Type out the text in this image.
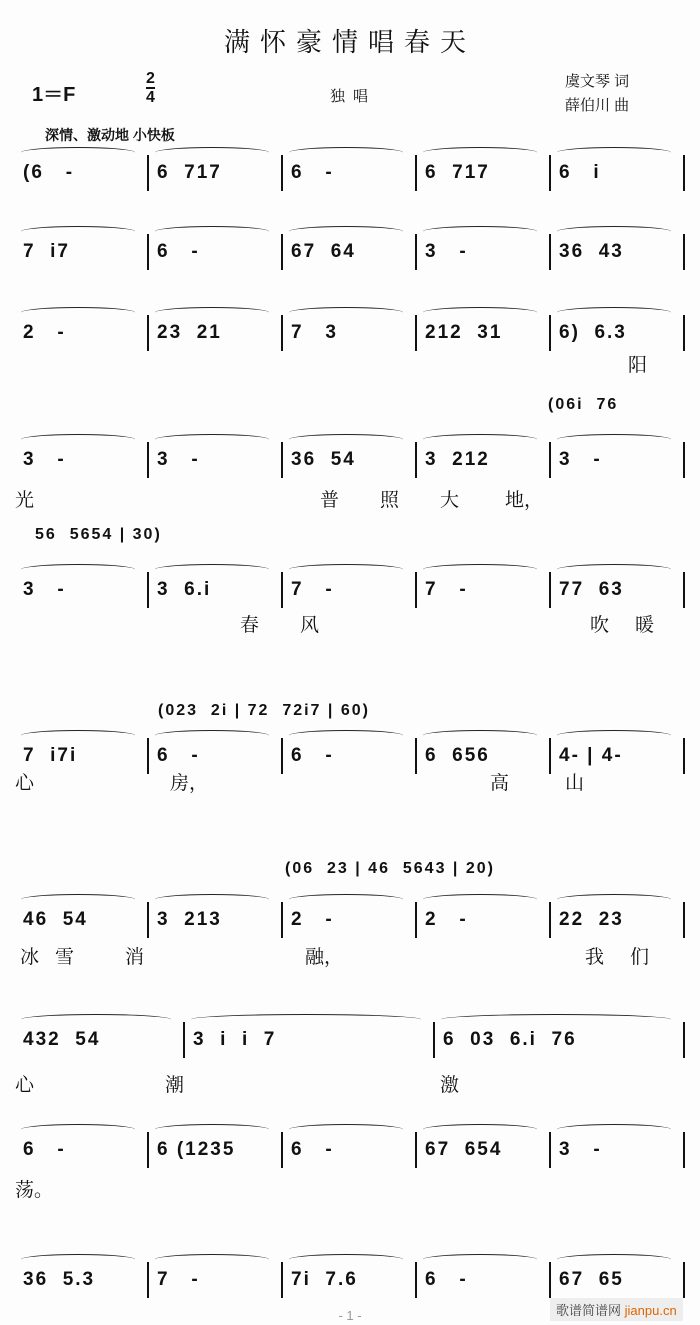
满怀豪情唱春天
1＝F
2
4	独唱
虞文琴 词
薛伯川 曲
深情、激动地 小快板
(6   -	6  717	6   -	6  717	6   i
7  i7	6   -	67  64	3   -	36  43
2   -	23  21	7   3	212  31	6)  6.3
阳
3   -	3   -	36  54	3  212	3   -
(06i  76
光	普 照 大 地，
3   -	3  6.i	7   -	7   -	77  63
56  5654 | 30)
春 风	吹 暖
7  i7i	6   -	6   -	6  656	4- | 4-
(023  2i | 72  72i7 | 60)
心	房，	高	山
46  54	3  213	2   -	2   -	22  23
(06  23 | 46  5643 | 20)
冰 雪	消	融，	我 们
432  54	3  i  i  7	6  03  6.i  76
心	潮	激
6   -	6 (1235	6   -	67  654	3   -
荡。
36  5.3	7   -	7i  7.6	6   -	67  65
- 1 -	歌谱简谱网 jianpu.cn
